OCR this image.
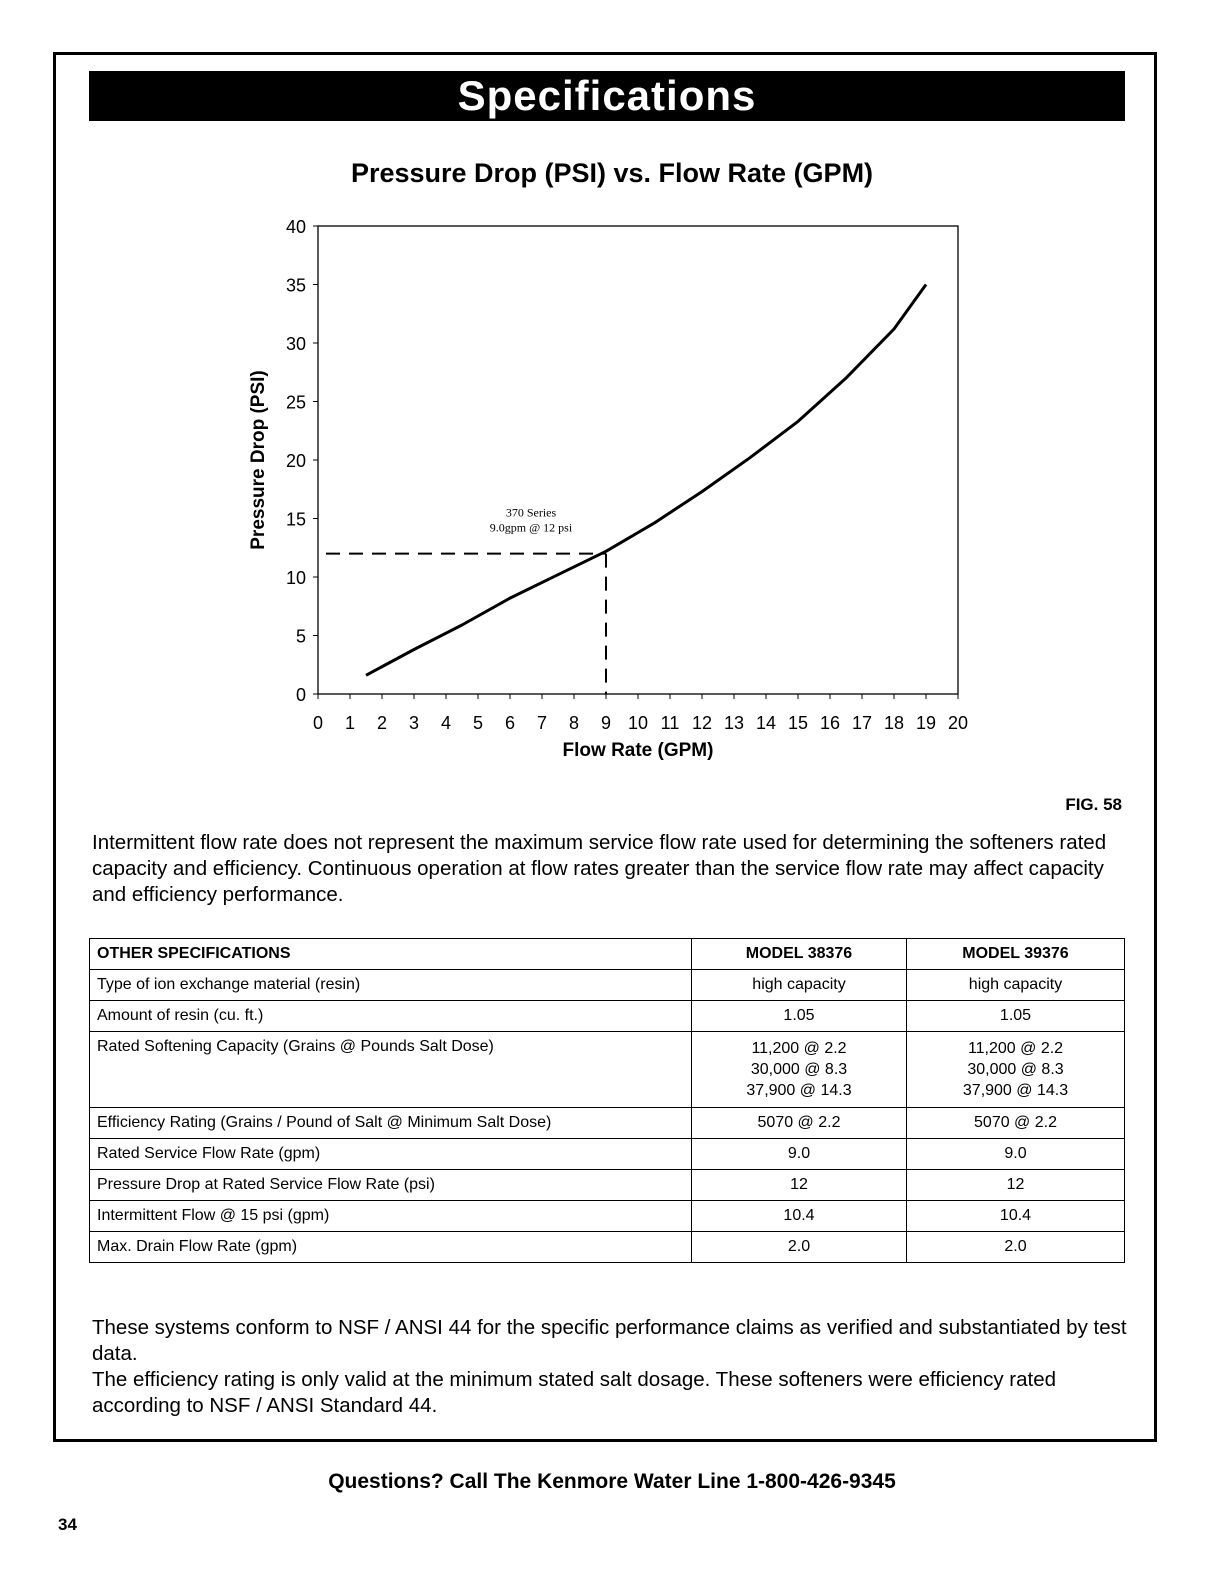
Specifications
Pressure Drop (PSI) vs. Flow Rate (GPM)
0
5
10
15
20
25
30
35
40
0 1 2 3 4 5 6 7 8 9 10 11 12 13 14 15 16 17 18 19 20
Flow Rate (GPM)
Pressure Drop (PSI)	370 Series
9.0gpm @ 12 psi
FIG. 58
Intermittent flow rate does not represent the maximum service flow rate used for determining the softeners rated capacity and efficiency. Continuous operation at flow rates greater than the service flow rate may affect capacity and efficiency performance.
OTHER SPECIFICATIONS	MODEL 38376	MODEL 39376
Type of ion exchange material (resin)	high capacity	high capacity
Amount of resin (cu. ft.)	1.05	1.05
Rated Softening Capacity (Grains @ Pounds Salt Dose)	11,200 @ 2.2
30,000 @ 8.3
37,900 @ 14.3	11,200 @ 2.2
30,000 @ 8.3
37,900 @ 14.3
Efficiency Rating (Grains / Pound of Salt @ Minimum Salt Dose)	5070 @ 2.2	5070 @ 2.2
Rated Service Flow Rate (gpm)	9.0	9.0
Pressure Drop at Rated Service Flow Rate (psi)	12	12
Intermittent Flow @ 15 psi (gpm)	10.4	10.4
Max. Drain Flow Rate (gpm)	2.0	2.0
These systems conform to NSF / ANSI 44 for the specific performance claims as verified and substantiated by test data.
The efficiency rating is only valid at the minimum stated salt dosage. These softeners were efficiency rated according to NSF / ANSI Standard 44.
Questions? Call The Kenmore Water Line 1-800-426-9345
34
